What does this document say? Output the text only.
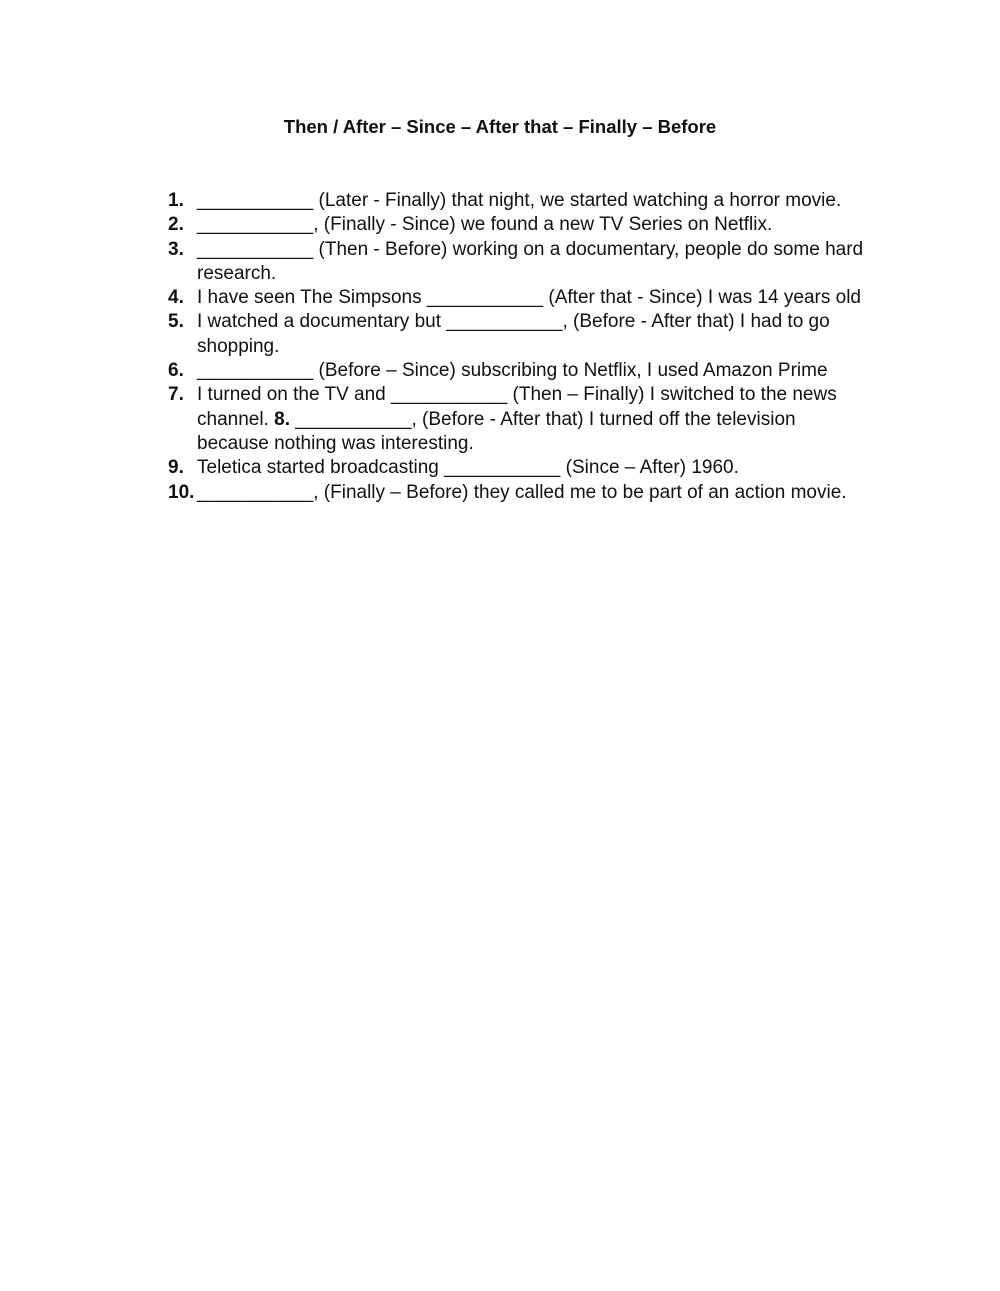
Then / After – Since – After that – Finally – Before
1. ___________ (Later - Finally) that night, we started watching a horror movie.
2. ___________, (Finally - Since) we found a new TV Series on Netflix.
3. ___________ (Then - Before) working on a documentary, people do some hard research.
4. I have seen The Simpsons ___________ (After that - Since) I was 14 years old
5. I watched a documentary but ___________, (Before - After that) I had to go shopping.
6. ___________ (Before – Since) subscribing to Netflix, I used Amazon Prime
7. I turned on the TV and ___________ (Then – Finally) I switched to the news channel. 8. ___________, (Before - After that) I turned off the television because nothing was interesting.
9. Teletica started broadcasting ___________ (Since – After) 1960.
10. ___________, (Finally – Before) they called me to be part of an action movie.
